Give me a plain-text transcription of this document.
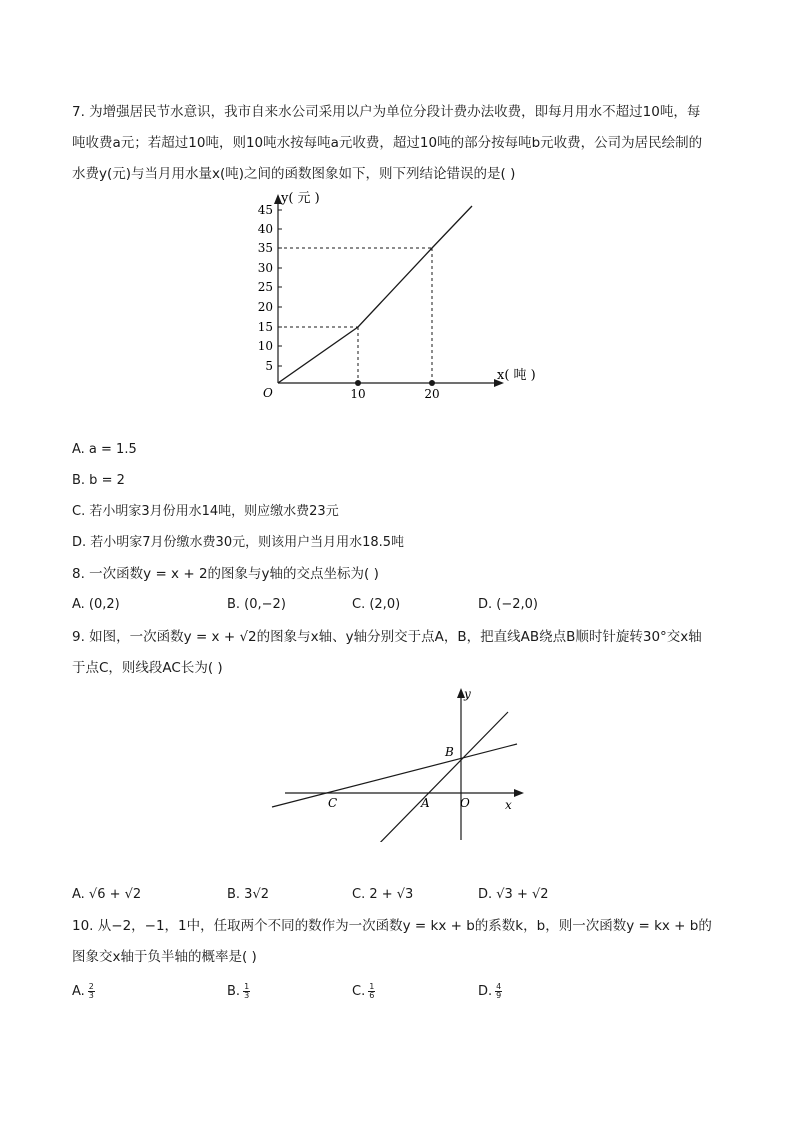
7. 为增强居民节水意识，我市自来水公司采用以户为单位分段计费办法收费，即每月用水不超过10吨，每
吨收费a元；若超过10吨，则10吨水按每吨a元收费，超过10吨的部分按每吨b元收费，公司为居民绘制的
水费y(元)与当月用水量x(吨)之间的函数图象如下，则下列结论错误的是( )
y( 元 )
x( 吨 )
O
5
10
15
20
25
30
35
40
45
10	20
A. a = 1.5
B. b = 2
C. 若小明家3月份用水14吨，则应缴水费23元
D. 若小明家7月份缴水费30元，则该用户当月用水18.5吨
8. 一次函数y = x + 2的图象与y轴的交点坐标为( )
A. (0,2)	B. (0,−2)	C. (2,0)	D. (−2,0)
9. 如图，一次函数y = x + √2的图象与x轴、y轴分别交于点A，B，把直线AB绕点B顺时针旋转30°交x轴
于点C，则线段AC长为( )
y
x
B
C	A	O
A. √6 + √2	B. 3√2	C. 2 + √3	D. √3 + √2
10. 从−2，−1，1中，任取两个不同的数作为一次函数y = kx + b的系数k，b，则一次函数y = kx + b的
图象交x轴于负半轴的概率是( )
A. $\frac{2}{3}$	B. $\frac{1}{3}$	C. $\frac{1}{6}$	D. $\frac{4}{9}$
